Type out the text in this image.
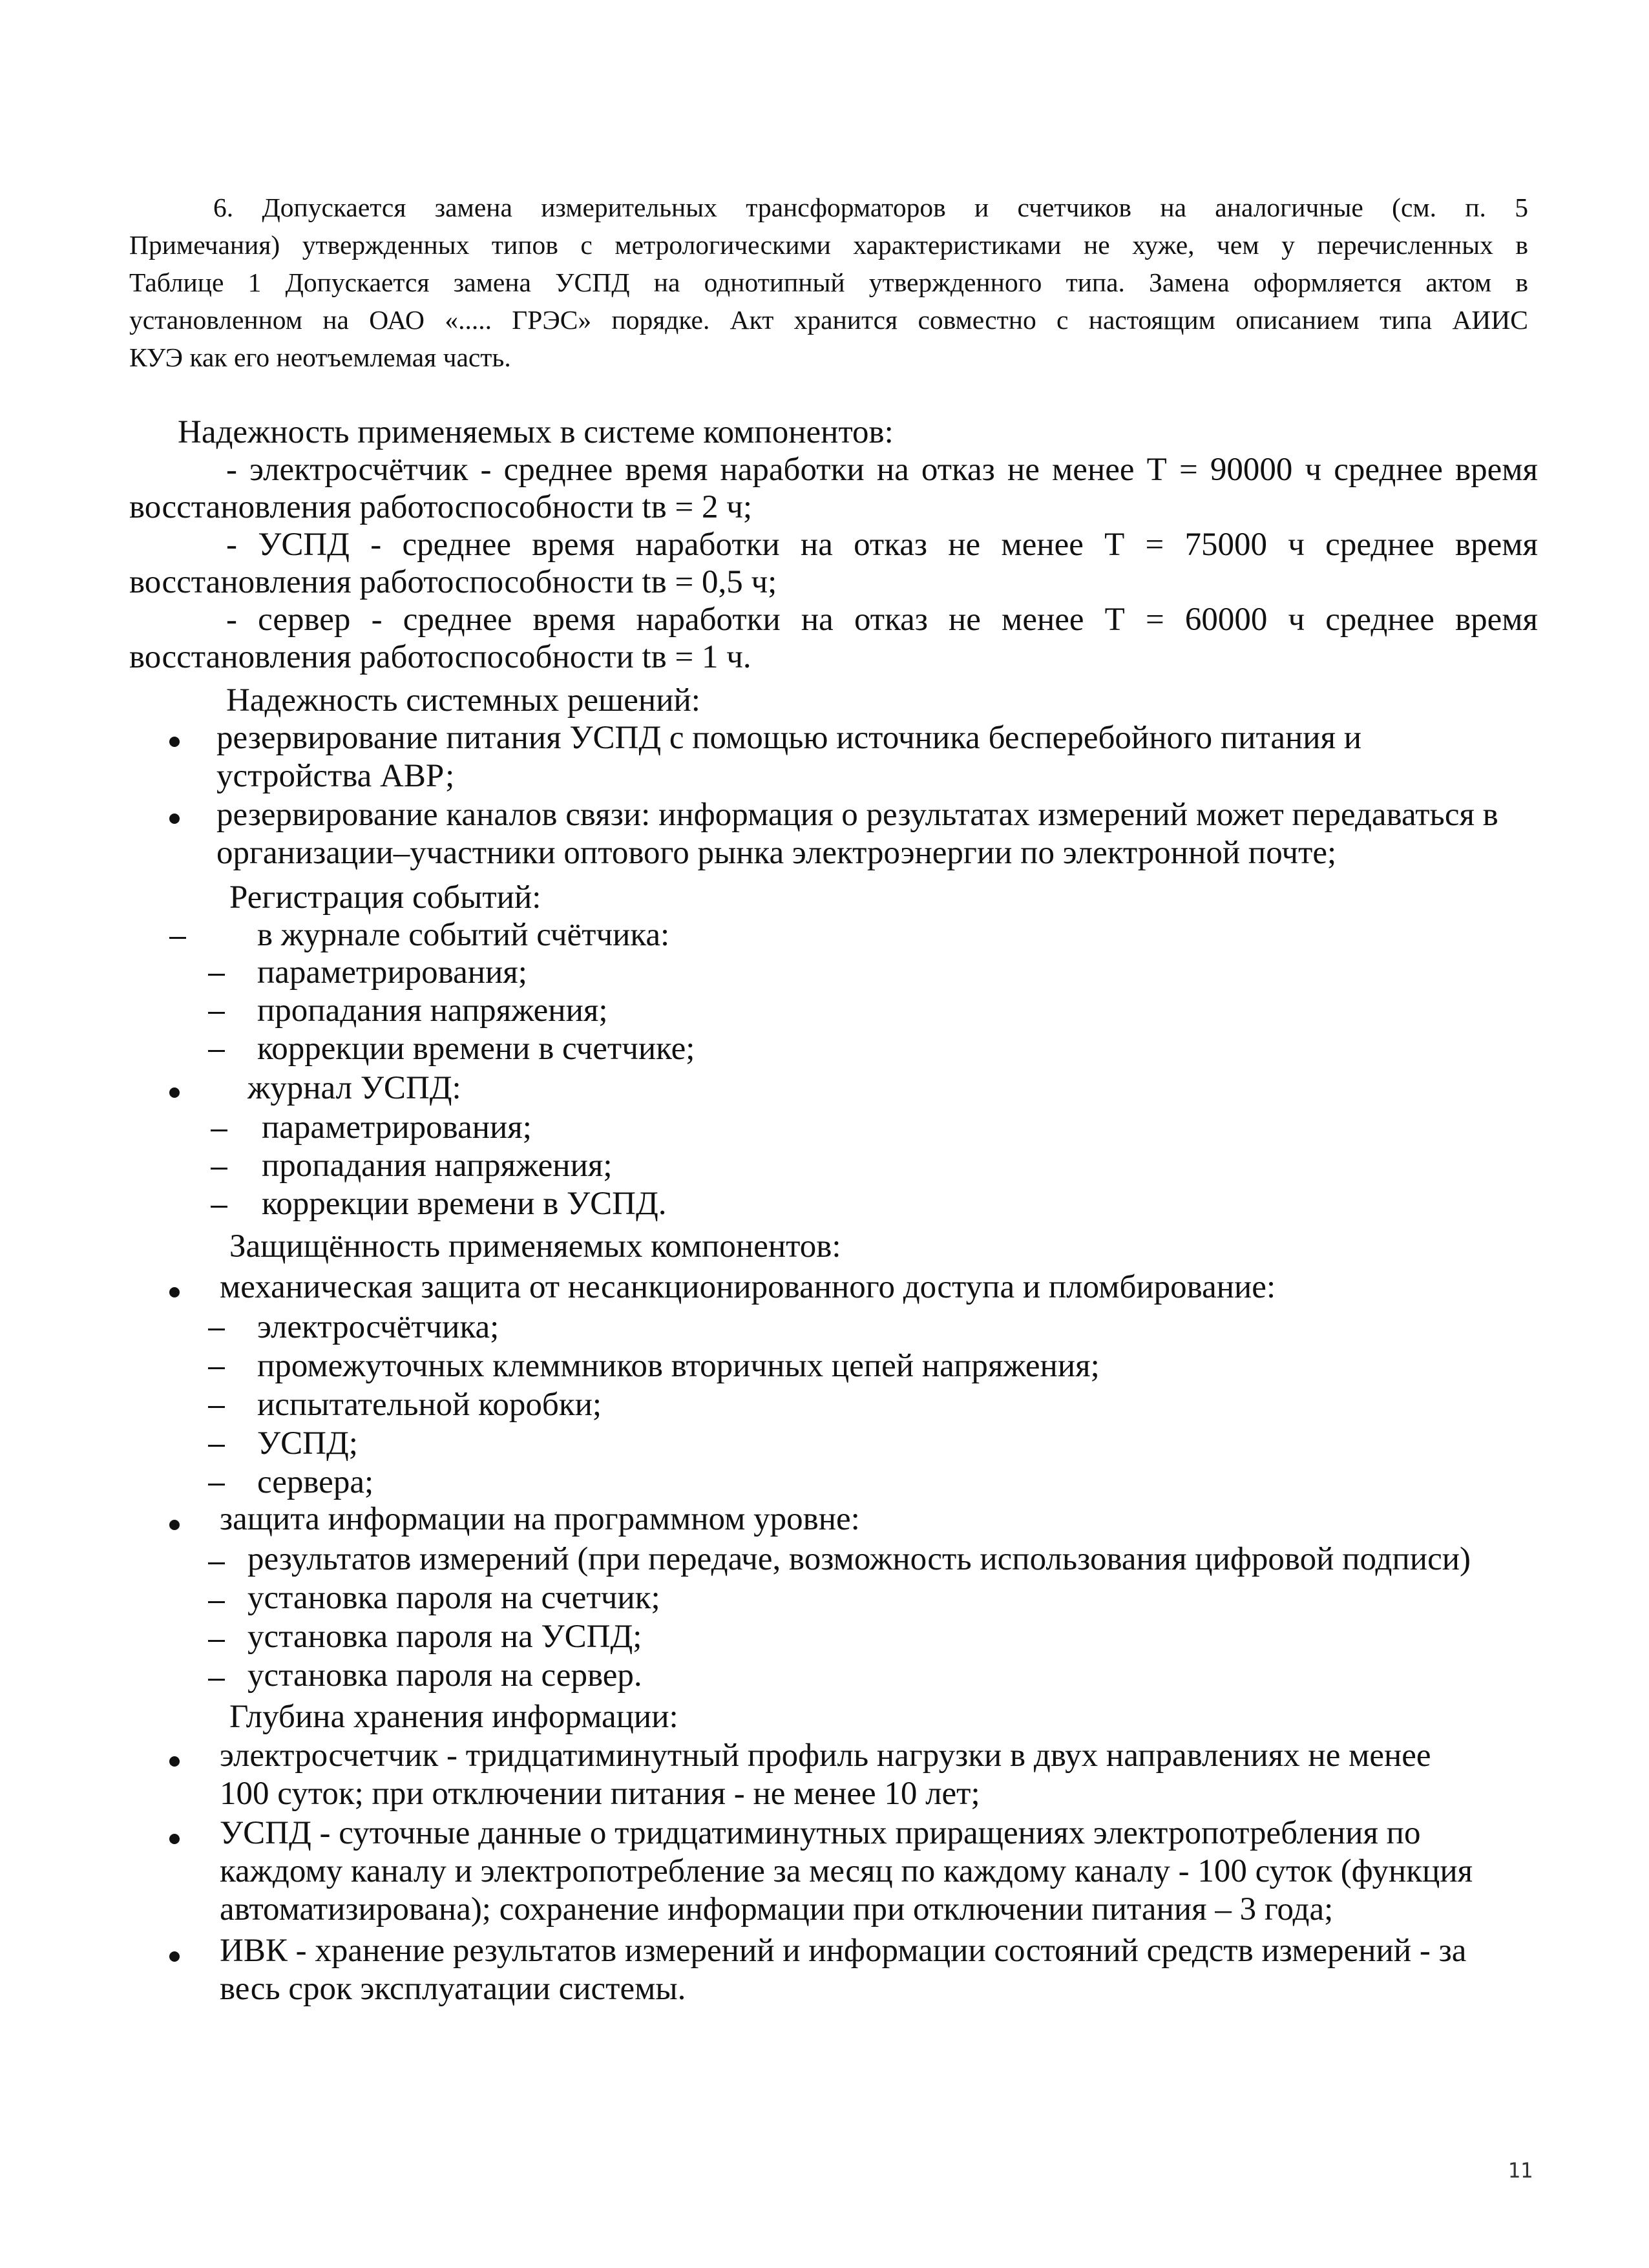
6. Допускается замена измерительных трансформаторов и счетчиков на аналогичные (см. п. 5
Примечания) утвержденных типов с метрологическими характеристиками не хуже, чем у перечисленных в
Таблице 1 Допускается замена УСПД на однотипный утвержденного типа. Замена оформляется актом в
установленном на ОАО «..... ГРЭС» порядке. Акт хранится совместно с настоящим описанием типа АИИС
КУЭ как его неотъемлемая часть.
Надежность применяемых в системе компонентов:
- электросчётчик - среднее время наработки на отказ не менее Т = 90000 ч среднее время
восстановления работоспособности tв = 2 ч;
- УСПД - среднее время наработки на отказ не менее Т = 75000 ч среднее время
восстановления работоспособности tв = 0,5 ч;
- сервер - среднее время наработки на отказ не менее Т = 60000 ч среднее время
восстановления работоспособности tв = 1 ч.
Надежность системных решений:
резервирование питания УСПД с помощью источника бесперебойного питания и
устройства АВР;
резервирование каналов связи: информация о результатах измерений может передаваться в
организации–участники оптового рынка электроэнергии по электронной почте;
Регистрация событий:
в журнале событий счётчика:
параметрирования;
пропадания напряжения;
коррекции времени в счетчике;
журнал УСПД:
параметрирования;
пропадания напряжения;
коррекции времени в УСПД.
Защищённость применяемых компонентов:
механическая защита от несанкционированного доступа и пломбирование:
электросчётчика;
промежуточных клеммников вторичных цепей напряжения;
испытательной коробки;
УСПД;
сервера;
защита информации на программном уровне:
результатов измерений (при передаче, возможность использования цифровой подписи)
установка пароля на счетчик;
установка пароля на УСПД;
установка пароля на сервер.
Глубина хранения информации:
электросчетчик - тридцатиминутный профиль нагрузки в двух направлениях не менее
100 суток; при отключении питания - не менее 10 лет;
УСПД - суточные данные о тридцатиминутных приращениях электропотребления по
каждому каналу и электропотребление за месяц по каждому каналу - 100 суток (функция
автоматизирована); сохранение информации при отключении питания – 3 года;
ИВК - хранение результатов измерений и информации состояний средств измерений - за
весь срок эксплуатации системы.
11
